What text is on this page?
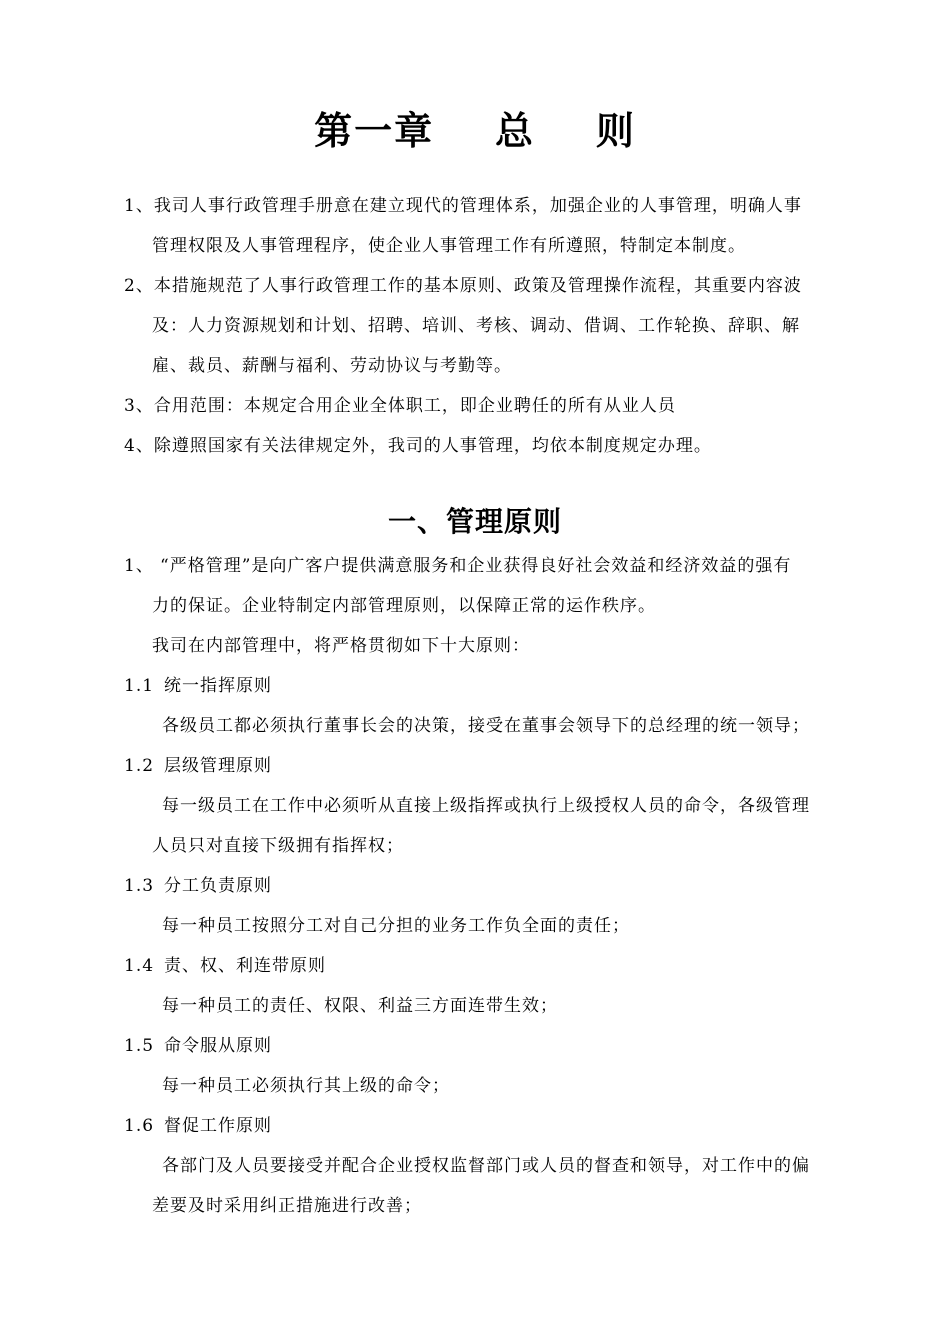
第一章    总    则
1、我司人事行政管理手册意在建立现代的管理体系，加强企业的人事管理，明确人事
管理权限及人事管理程序，使企业人事管理工作有所遵照，特制定本制度。
2、本措施规范了人事行政管理工作的基本原则、政策及管理操作流程，其重要内容波
及：人力资源规划和计划、招聘、培训、考核、调动、借调、工作轮换、辞职、解
雇、裁员、薪酬与福利、劳动协议与考勤等。
3、合用范围：本规定合用企业全体职工，即企业聘任的所有从业人员
4、除遵照国家有关法律规定外，我司的人事管理，均依本制度规定办理。
一、管理原则
1、 “严格管理”是向广客户提供满意服务和企业获得良好社会效益和经济效益的强有
力的保证。企业特制定内部管理原则，以保障正常的运作秩序。
我司在内部管理中，将严格贯彻如下十大原则：
1.1 统一指挥原则
各级员工都必须执行董事长会的决策，接受在董事会领导下的总经理的统一领导；
1.2 层级管理原则
每一级员工在工作中必须听从直接上级指挥或执行上级授权人员的命令，各级管理
人员只对直接下级拥有指挥权；
1.3 分工负责原则
每一种员工按照分工对自己分担的业务工作负全面的责任；
1.4 责、权、利连带原则
每一种员工的责任、权限、利益三方面连带生效；
1.5 命令服从原则
每一种员工必须执行其上级的命令；
1.6 督促工作原则
各部门及人员要接受并配合企业授权监督部门或人员的督查和领导，对工作中的偏
差要及时采用纠正措施进行改善；
